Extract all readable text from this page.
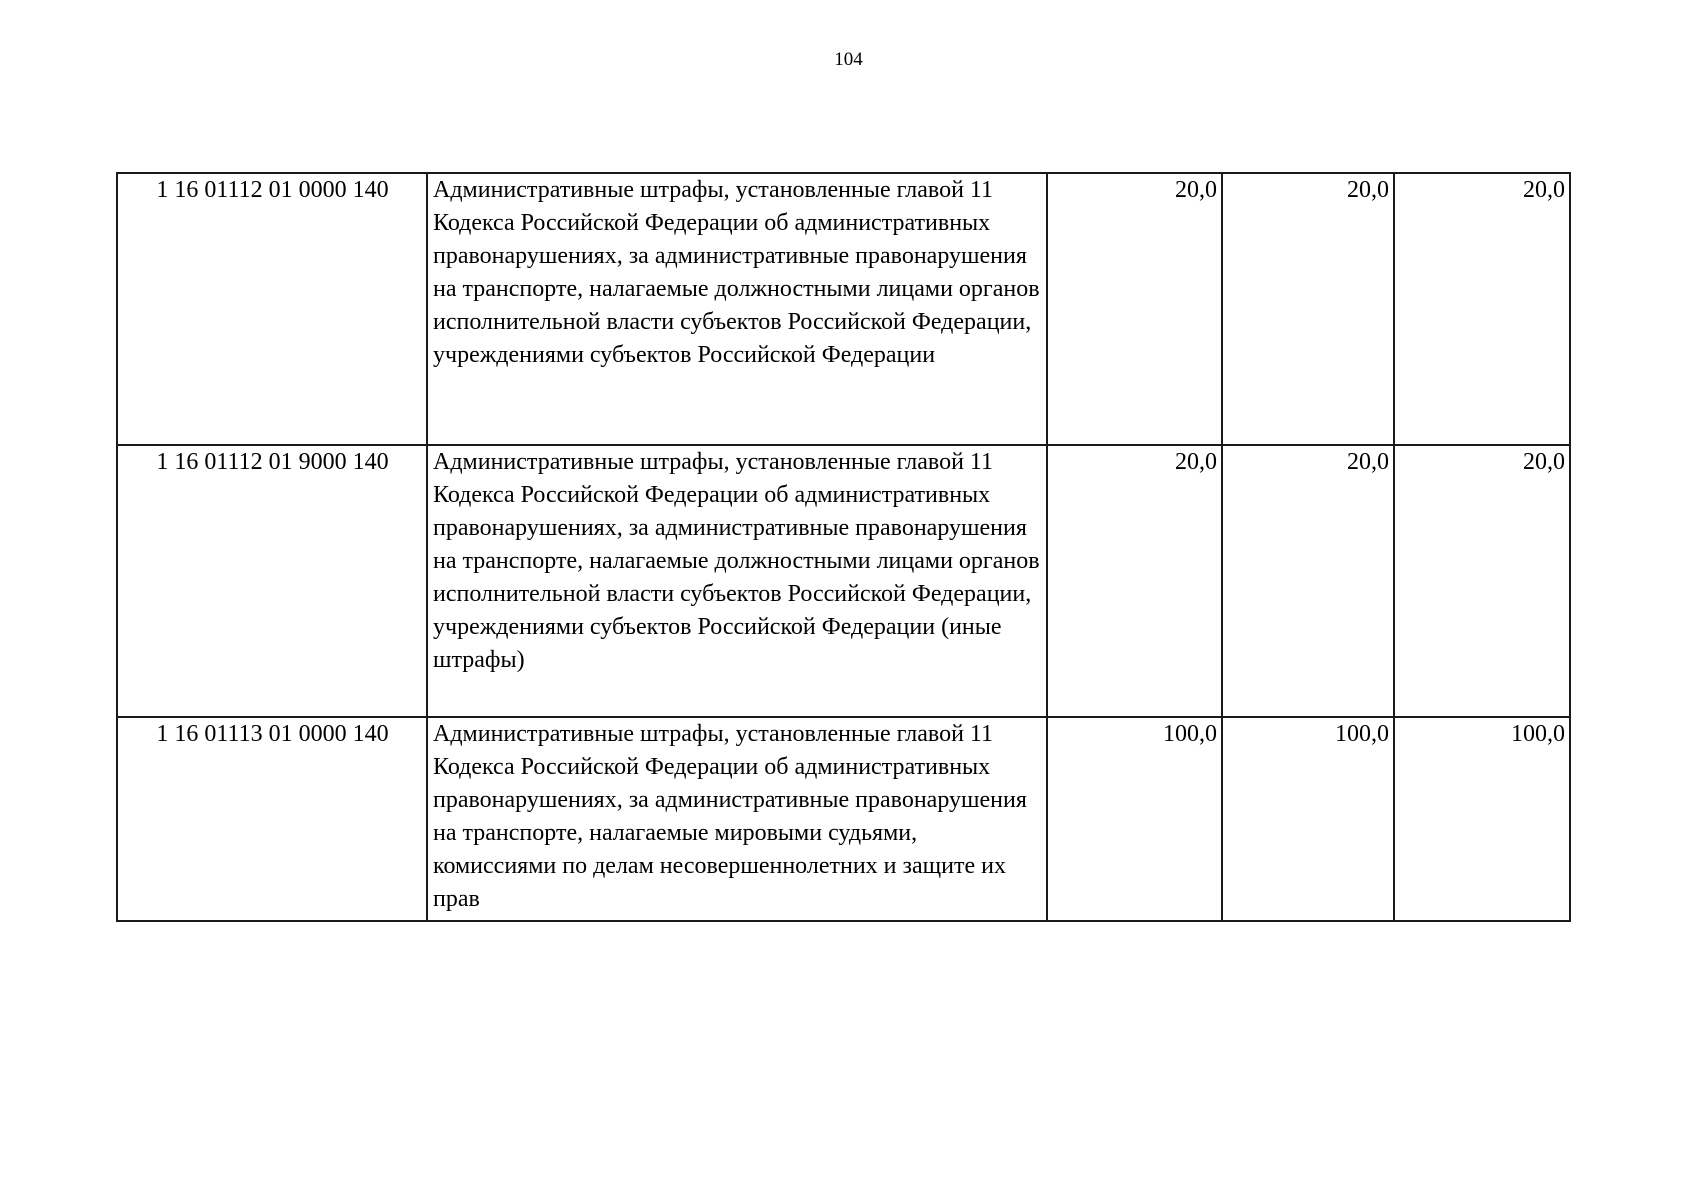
104
1 16 01112 01 0000 140	Административные штрафы, установленные главой 11 Кодекса Российской Федерации об административных правонарушениях, за административные правонарушения на транспорте, налагаемые должностными лицами органов исполнительной власти субъектов Российской Федерации, учреждениями субъектов Российской Федерации	20,0	20,0	20,0
1 16 01112 01 9000 140	Административные штрафы, установленные главой 11 Кодекса Российской Федерации об административных правонарушениях, за административные правонарушения на транспорте, налагаемые должностными лицами органов исполнительной власти субъектов Российской Федерации, учреждениями субъектов Российской Федерации (иные штрафы)	20,0	20,0	20,0
1 16 01113 01 0000 140	Административные штрафы, установленные главой 11 Кодекса Российской Федерации об административных правонарушениях, за административные правонарушения на транспорте, налагаемые мировыми судьями, комиссиями по делам несовершеннолетних и защите их прав	100,0	100,0	100,0
